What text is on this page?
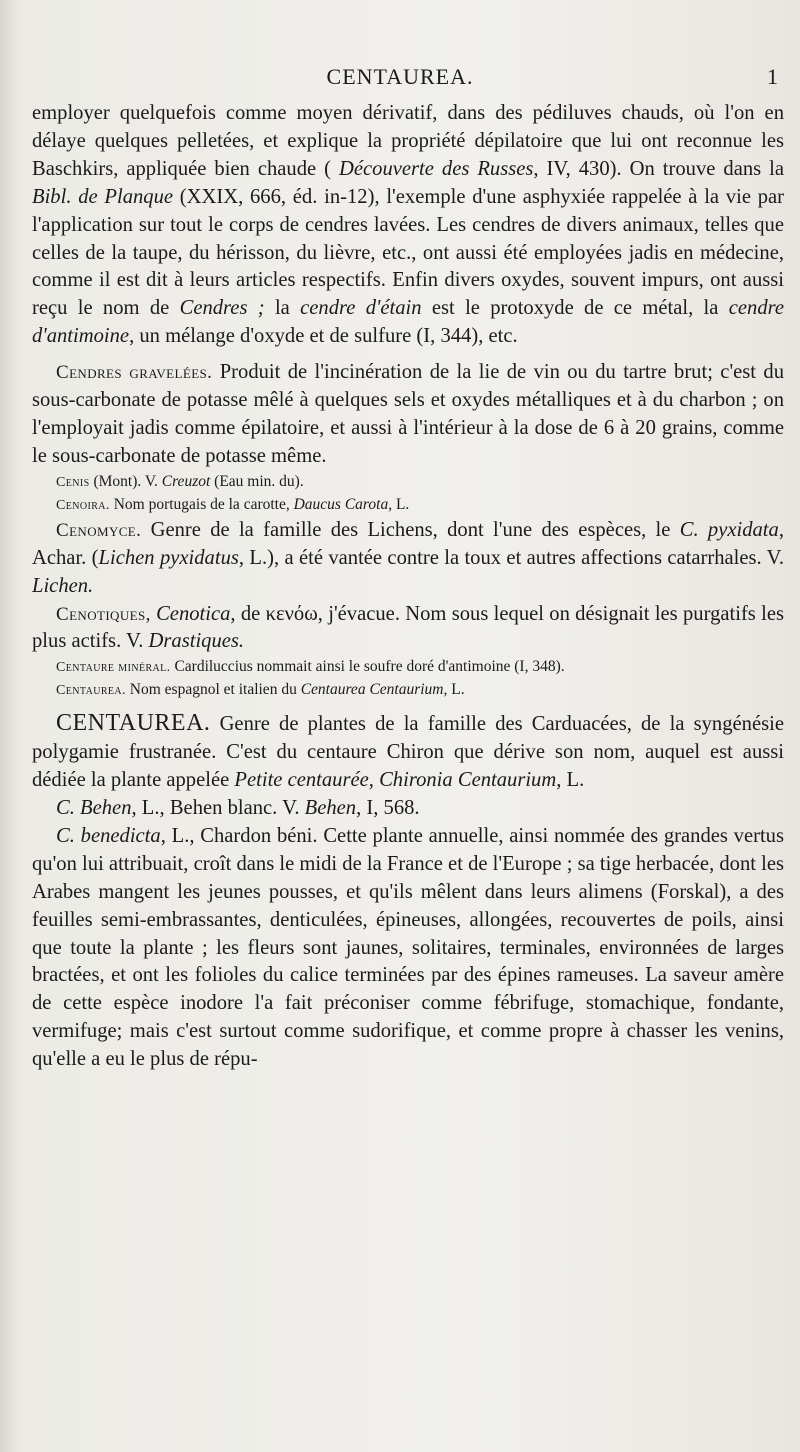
CENTAUREA.	1

employer quelquefois comme moyen dérivatif, dans des pédiluves chauds, où l'on en délaye quelques pelletées, et explique la propriété dépilatoire que lui ont reconnue les Baschkirs, appliquée bien chaude ( Découverte des Russes, IV, 430). On trouve dans la Bibl. de Planque (XXIX, 666, éd. in-12), l'exemple d'une asphyxiée rappelée à la vie par l'application sur tout le corps de cendres lavées. Les cendres de divers animaux, telles que celles de la taupe, du hérisson, du lièvre, etc., ont aussi été employées jadis en médecine, comme il est dit à leurs articles respectifs. Enfin divers oxydes, souvent impurs, ont aussi reçu le nom de Cendres ; la cendre d'étain est le protoxyde de ce métal, la cendre d'antimoine, un mélange d'oxyde et de sulfure (I, 344), etc.

Cendres gravelées. Produit de l'incinération de la lie de vin ou du tartre brut; c'est du sous-carbonate de potasse mêlé à quelques sels et oxydes métalliques et à du charbon ; on l'employait jadis comme épilatoire, et aussi à l'intérieur à la dose de 6 à 20 grains, comme le sous-carbonate de potasse même.

Cenis (Mont). V. Creuzot (Eau min. du).

Cenoira. Nom portugais de la carotte, Daucus Carota, L.

Cenomyce. Genre de la famille des Lichens, dont l'une des espèces, le C. pyxidata, Achar. (Lichen pyxidatus, L.), a été vantée contre la toux et autres affections catarrhales. V. Lichen.

Cenotiques, Cenotica, de κενόω, j'évacue. Nom sous lequel on désignait les purgatifs les plus actifs. V. Drastiques.

Centaure minéral. Cardiluccius nommait ainsi le soufre doré d'antimoine (I, 348).

Centaurea. Nom espagnol et italien du Centaurea Centaurium, L.

CENTAUREA. Genre de plantes de la famille des Carduacées, de la syngénésie polygamie frustranée. C'est du centaure Chiron que dérive son nom, auquel est aussi dédiée la plante appelée Petite centaurée, Chironia Centaurium, L.

C. Behen, L., Behen blanc. V. Behen, I, 568.

C. benedicta, L., Chardon béni. Cette plante annuelle, ainsi nommée des grandes vertus qu'on lui attribuait, croît dans le midi de la France et de l'Europe ; sa tige herbacée, dont les Arabes mangent les jeunes pousses, et qu'ils mêlent dans leurs alimens (Forskal), a des feuilles semi-embrassantes, denticulées, épineuses, allongées, recouvertes de poils, ainsi que toute la plante ; les fleurs sont jaunes, solitaires, terminales, environnées de larges bractées, et ont les folioles du calice terminées par des épines rameuses. La saveur amère de cette espèce inodore l'a fait préconiser comme fébrifuge, stomachique, fondante, vermifuge; mais c'est surtout comme sudorifique, et comme propre à chasser les venins, qu'elle a eu le plus de répu-
